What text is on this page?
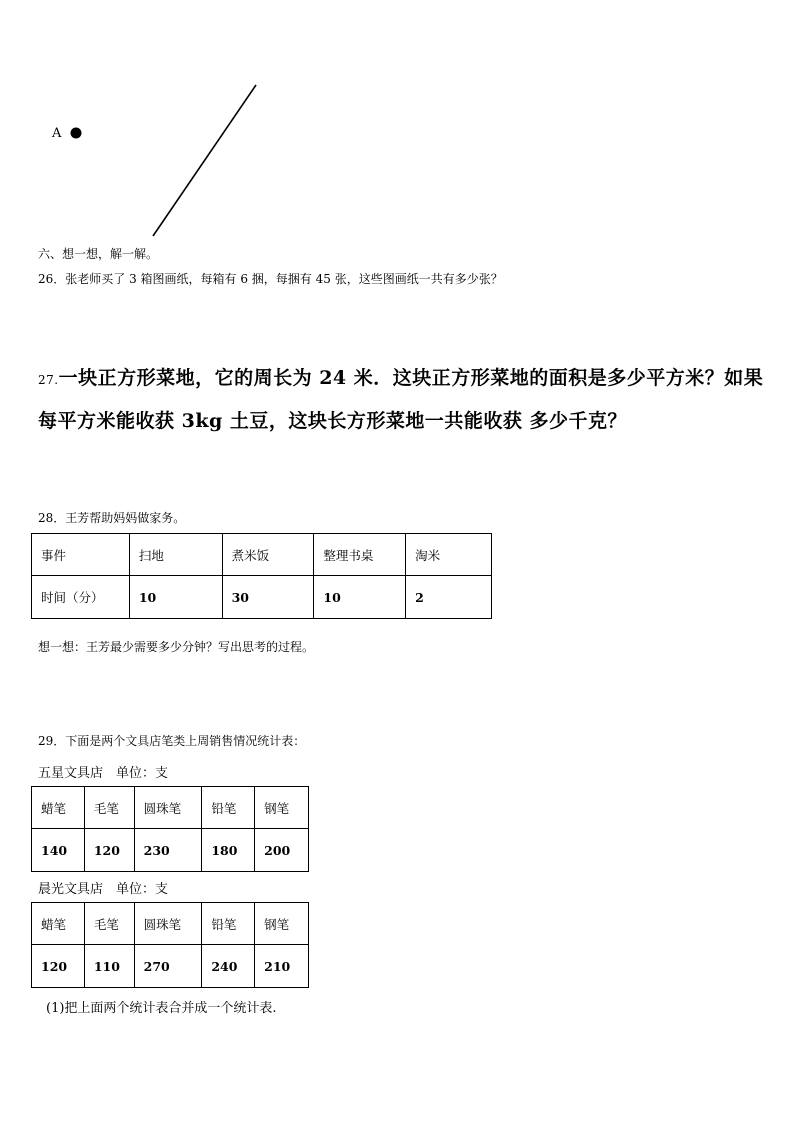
A
六、想一想，解一解。
26．张老师买了 3 箱图画纸，每箱有 6 捆，每捆有 45 张，这些图画纸一共有多少张？
27.一块正方形菜地，它的周长为 24 米．这块正方形菜地的面积是多少平方米？如果
每平方米能收获 3kg 土豆，这块长方形菜地一共能收获 多少千克？
28．王芳帮助妈妈做家务。
事件	扫地	煮米饭	整理书桌	淘米
时间（分）	10	30	10	2
想一想：王芳最少需要多少分钟？写出思考的过程。
29．下面是两个文具店笔类上周销售情况统计表：
五星文具店　单位：支
蜡笔	毛笔	圆珠笔	铅笔	钢笔
140	120	230	180	200
晨光文具店　单位：支
蜡笔	毛笔	圆珠笔	铅笔	钢笔
120	110	270	240	210
(1)把上面两个统计表合并成一个统计表.
